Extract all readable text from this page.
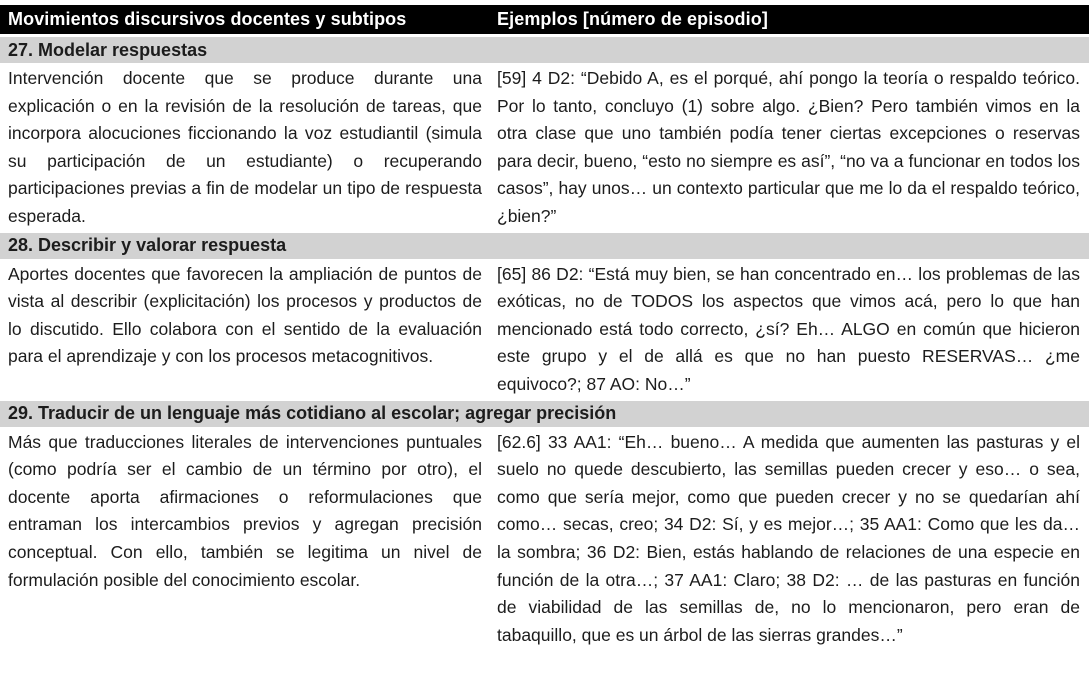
Movimientos discursivos docentes y subtipos	Ejemplos [número de episodio]
27. Modelar respuestas
Intervención docente que se produce durante una explicación o en la revisión de la resolución de tareas, que incorpora alocuciones ficcionando la voz estudiantil (simula su participación de un estudiante) o recuperando participaciones previas a fin de modelar un tipo de respuesta esperada.
[59] 4 D2: “Debido A, es el porqué, ahí pongo la teoría o respaldo teórico. Por lo tanto, concluyo (1) sobre algo. ¿Bien? Pero también vimos en la otra clase que uno también podía tener ciertas excepciones o reservas para decir, bueno, “esto no siempre es así”, “no va a funcionar en todos los casos”, hay unos… un contexto particular que me lo da el respaldo teórico, ¿bien?”
28. Describir y valorar respuesta
Aportes docentes que favorecen la ampliación de puntos de vista al describir (explicitación) los procesos y productos de lo discutido. Ello colabora con el sentido de la evaluación para el aprendizaje y con los procesos metacognitivos.
[65] 86 D2: “Está muy bien, se han concentrado en… los problemas de las exóticas, no de TODOS los aspectos que vimos acá, pero lo que han mencionado está todo correcto, ¿sí? Eh… ALGO en común que hicieron este grupo y el de allá es que no han puesto RESERVAS… ¿me equivoco?; 87 AO: No…”
29. Traducir de un lenguaje más cotidiano al escolar; agregar precisión
Más que traducciones literales de intervenciones puntuales (como podría ser el cambio de un término por otro), el docente aporta afirmaciones o reformulaciones que entraman los intercambios previos y agregan precisión conceptual. Con ello, también se legitima un nivel de formulación posible del conocimiento escolar.
[62.6] 33 AA1: “Eh… bueno… A medida que aumenten las pasturas y el suelo no quede descubierto, las semillas pueden crecer y eso… o sea, como que sería mejor, como que pueden crecer y no se quedarían ahí como… secas, creo; 34 D2: Sí, y es mejor…; 35 AA1: Como que les da… la sombra; 36 D2: Bien, estás hablando de relaciones de una especie en función de la otra…; 37 AA1: Claro; 38 D2: … de las pasturas en función de viabilidad de las semillas de, no lo mencionaron, pero eran de tabaquillo, que es un árbol de las sierras grandes…”
